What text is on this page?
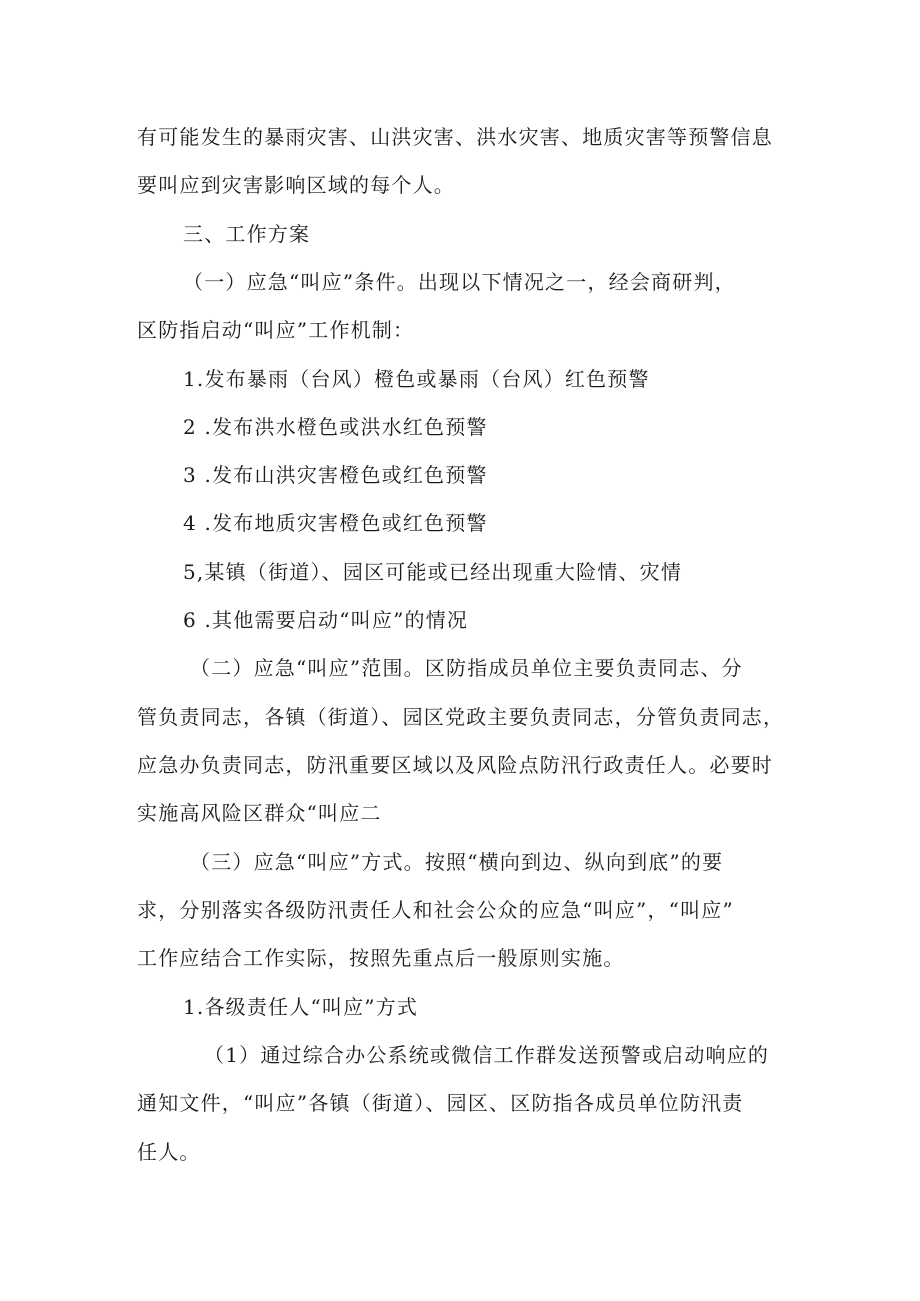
有可能发生的暴雨灾害、山洪灾害、洪水灾害、地质灾害等预警信息
要叫应到灾害影响区域的每个人。
三、工作方案
（一）应急“叫应”条件。出现以下情况之一，经会商研判，
区防指启动“叫应”工作机制：
1.发布暴雨（台风）橙色或暴雨（台风）红色预警
2 .发布洪水橙色或洪水红色预警
3 .发布山洪灾害橙色或红色预警
4 .发布地质灾害橙色或红色预警
5,某镇（街道）、园区可能或已经出现重大险情、灾情
6 .其他需要启动“叫应”的情况
（二）应急“叫应”范围。区防指成员单位主要负责同志、分
管负责同志，各镇（街道）、园区党政主要负责同志，分管负责同志，
应急办负责同志，防汛重要区域以及风险点防汛行政责任人。必要时
实施高风险区群众“叫应二
（三）应急“叫应”方式。按照“横向到边、纵向到底”的要
求，分别落实各级防汛责任人和社会公众的应急“叫应”，“叫应”
工作应结合工作实际，按照先重点后一般原则实施。
1.各级责任人“叫应”方式
（1）通过综合办公系统或微信工作群发送预警或启动响应的
通知文件，“叫应”各镇（街道）、园区、区防指各成员单位防汛责
任人。
